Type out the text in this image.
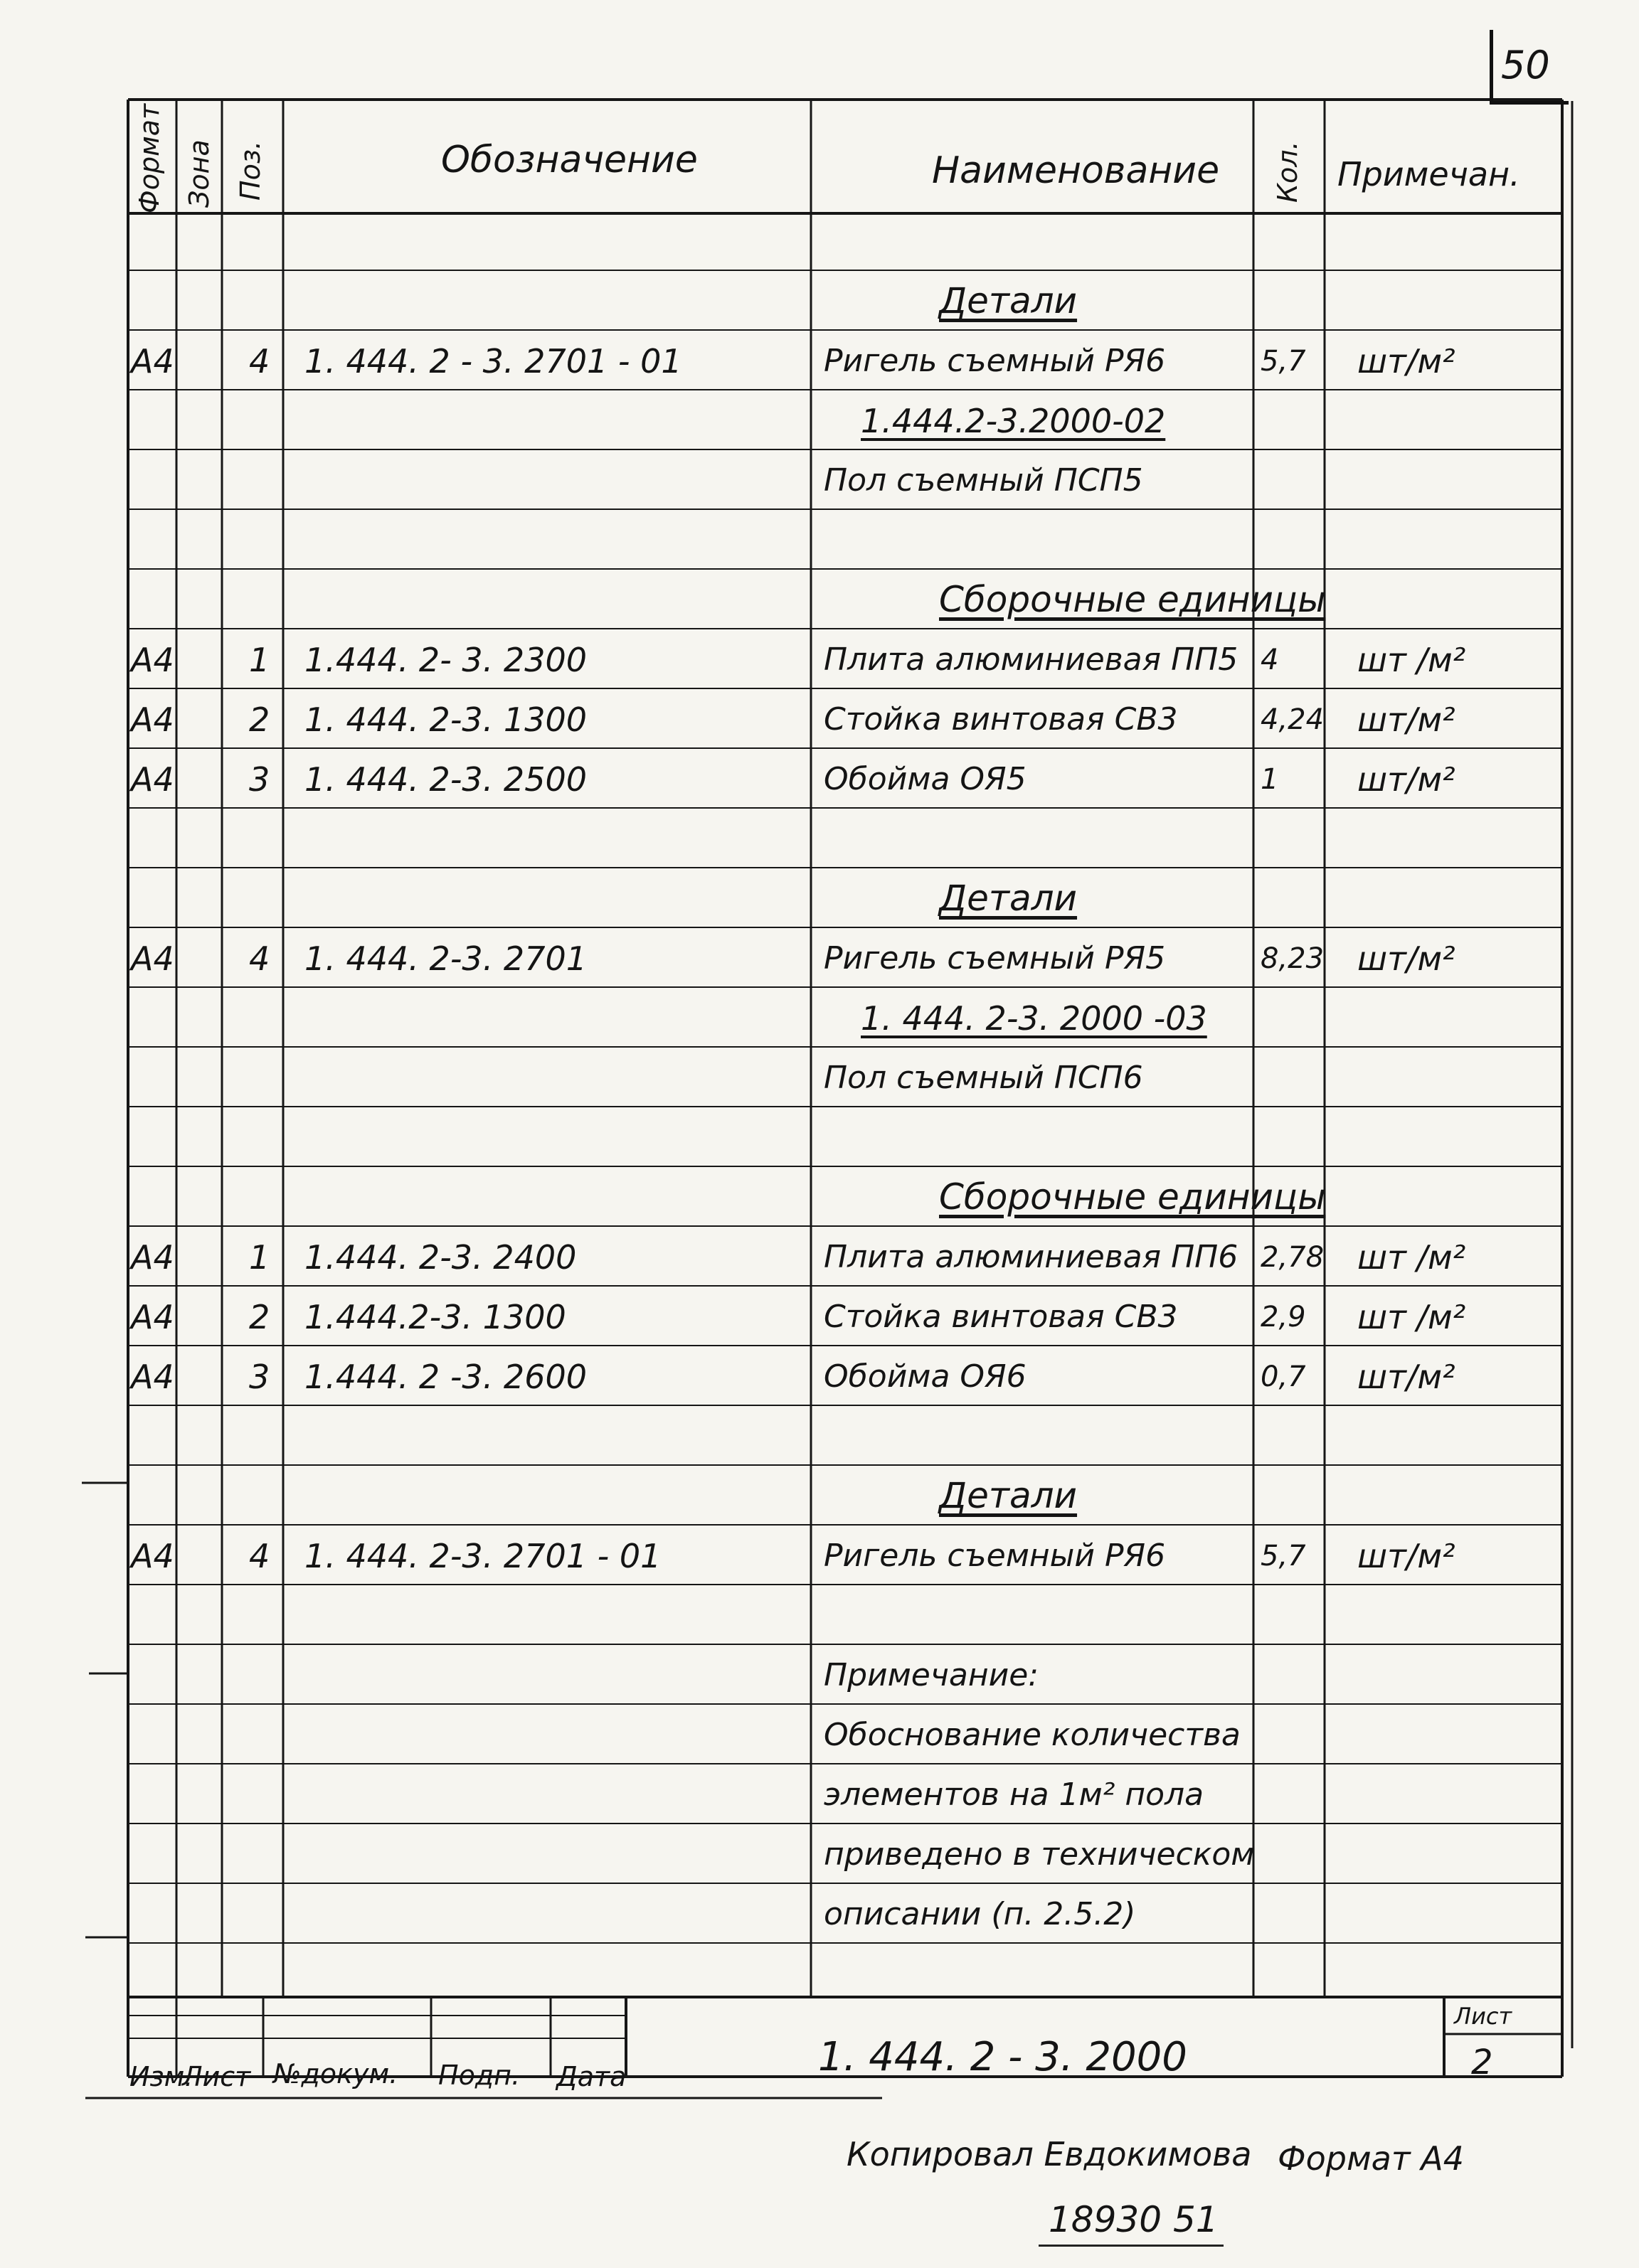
50
Формат Зона Поз.	Обозначение	Наименование Кол. Примечан.
Детали
А4 4 1. 444. 2 - 3. 2701 - 01	Ригель съемный РЯ6	5,7 шт/м²
1.444.2-3.2000-02
Пол съемный ПСП5
Сборочные единицы
А4 1 1.444. 2- 3. 2300	Плита алюминиевая ПП5 4 шт /м²
А4 2 1. 444. 2-3. 1300	Стойка винтовая СВ3	4,24 шт/м²
А4 3 1. 444. 2-3. 2500	Обойма ОЯ5	1 шт/м²
Детали
А4 4 1. 444. 2-3. 2701	Ригель съемный РЯ5	8,23 шт/м²
1. 444. 2-3. 2000 -03
Пол съемный ПСП6
Сборочные единицы
А4 1 1.444. 2-3. 2400	Плита алюминиевая ПП6 2,78 шт /м²
А4 2 1.444.2-3. 1300	Стойка винтовая СВ3	2,9 шт /м²
А4 3 1.444. 2 -3. 2600	Обойма ОЯ6	0,7 шт/м²
Детали
А4 4 1. 444. 2-3. 2701 - 01	Ригель съемный РЯ6	5,7 шт/м²
Примечание:
Обоснование количества
элементов на 1м² пола
приведено в техническом
описании (п. 2.5.2)
Изм.
Лист №докум. Подп. Дата	1. 444. 2 - 3. 2000
Лист
2
Копировал Евдокимова Формат А4
18930 51
